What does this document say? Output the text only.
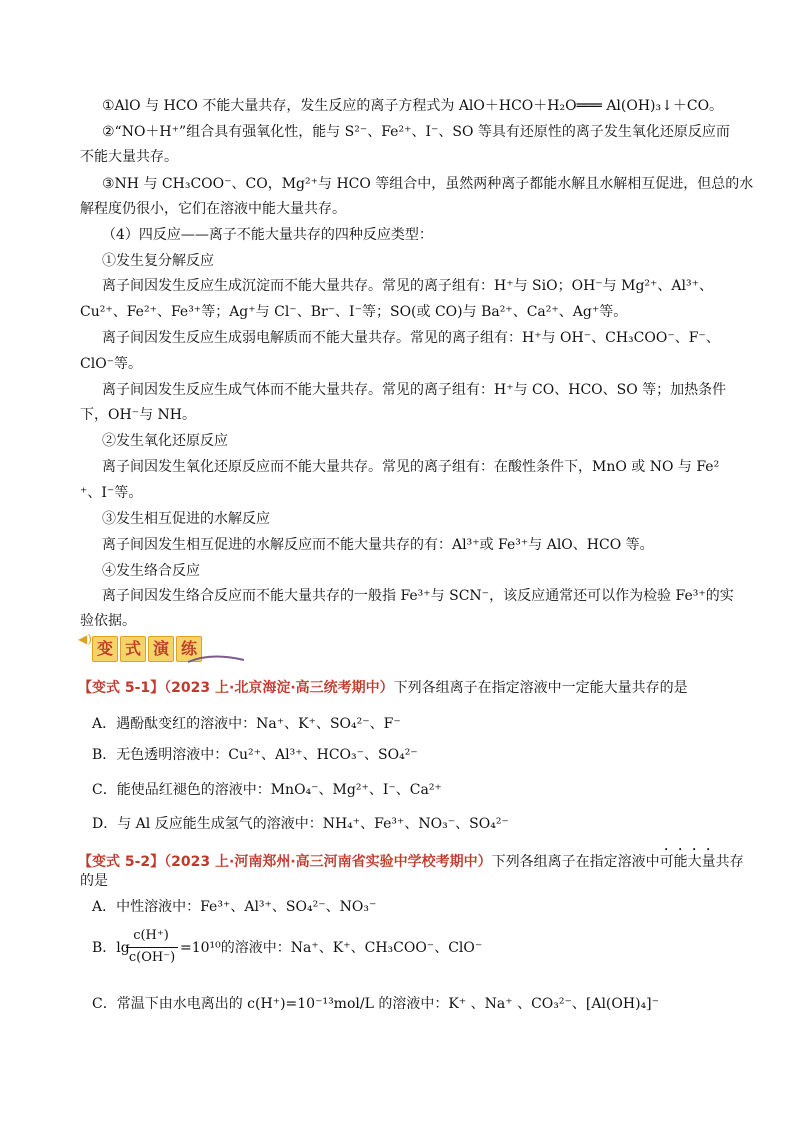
①AlO 与 HCO 不能大量共存，发生反应的离子方程式为 AlO＋HCO＋H₂O═══ Al(OH)₃↓＋CO。
②“NO＋H⁺”组合具有强氧化性，能与 S²⁻、Fe²⁺、I⁻、SO 等具有还原性的离子发生氧化还原反应而
不能大量共存。
③NH 与 CH₃COO⁻、CO，Mg²⁺与 HCO 等组合中，虽然两种离子都能水解且水解相互促进，但总的水
解程度仍很小，它们在溶液中能大量共存。
（4）四反应——离子不能大量共存的四种反应类型：
①发生复分解反应
离子间因发生反应生成沉淀而不能大量共存。常见的离子组有：H⁺与 SiO；OH⁻与 Mg²⁺、Al³⁺、
Cu²⁺、Fe²⁺、Fe³⁺等；Ag⁺与 Cl⁻、Br⁻、I⁻等；SO(或 CO)与 Ba²⁺、Ca²⁺、Ag⁺等。
离子间因发生反应生成弱电解质而不能大量共存。常见的离子组有：H⁺与 OH⁻、CH₃COO⁻、F⁻、
ClO⁻等。
离子间因发生反应生成气体而不能大量共存。常见的离子组有：H⁺与 CO、HCO、SO 等；加热条件
下，OH⁻与 NH。
②发生氧化还原反应
离子间因发生氧化还原反应而不能大量共存。常见的离子组有：在酸性条件下，MnO 或 NO 与 Fe²
⁺、I⁻等。
③发生相互促进的水解反应
离子间因发生相互促进的水解反应而不能大量共存的有：Al³⁺或 Fe³⁺与 AlO、HCO 等。
④发生络合反应
离子间因发生络合反应而不能大量共存的一般指 Fe³⁺与 SCN⁻，该反应通常还可以作为检验 Fe³⁺的实
验依据。
◀) 变 式 演 练
【变式 5-1】（2023 上·北京海淀·高三统考期中）下列各组离子在指定溶液中一定能大量共存的是
A．遇酚酞变红的溶液中：Na⁺、K⁺、SO₄²⁻、F⁻
B．无色透明溶液中：Cu²⁺、Al³⁺、HCO₃⁻、SO₄²⁻
C．能使品红褪色的溶液中：MnO₄⁻、Mg²⁺、I⁻、Ca²⁺
D．与 Al 反应能生成氢气的溶液中：NH₄⁺、Fe³⁺、NO₃⁻、SO₄²⁻
【变式 5-2】（2023 上·河南郑州·高三河南省实验中学校考期中）下列各组离子在指定溶液中可能大量共存
的是
A．中性溶液中：Fe³⁺、Al³⁺、SO₄²⁻、NO₃⁻
B．lg
c(H⁺)
c(OH⁻)
=10¹⁰的溶液中：Na⁺、K⁺、CH₃COO⁻、ClO⁻
C．常温下由水电离出的 c(H⁺)=10⁻¹³mol/L 的溶液中：K⁺ 、Na⁺ 、CO₃²⁻、[Al(OH)₄]⁻
